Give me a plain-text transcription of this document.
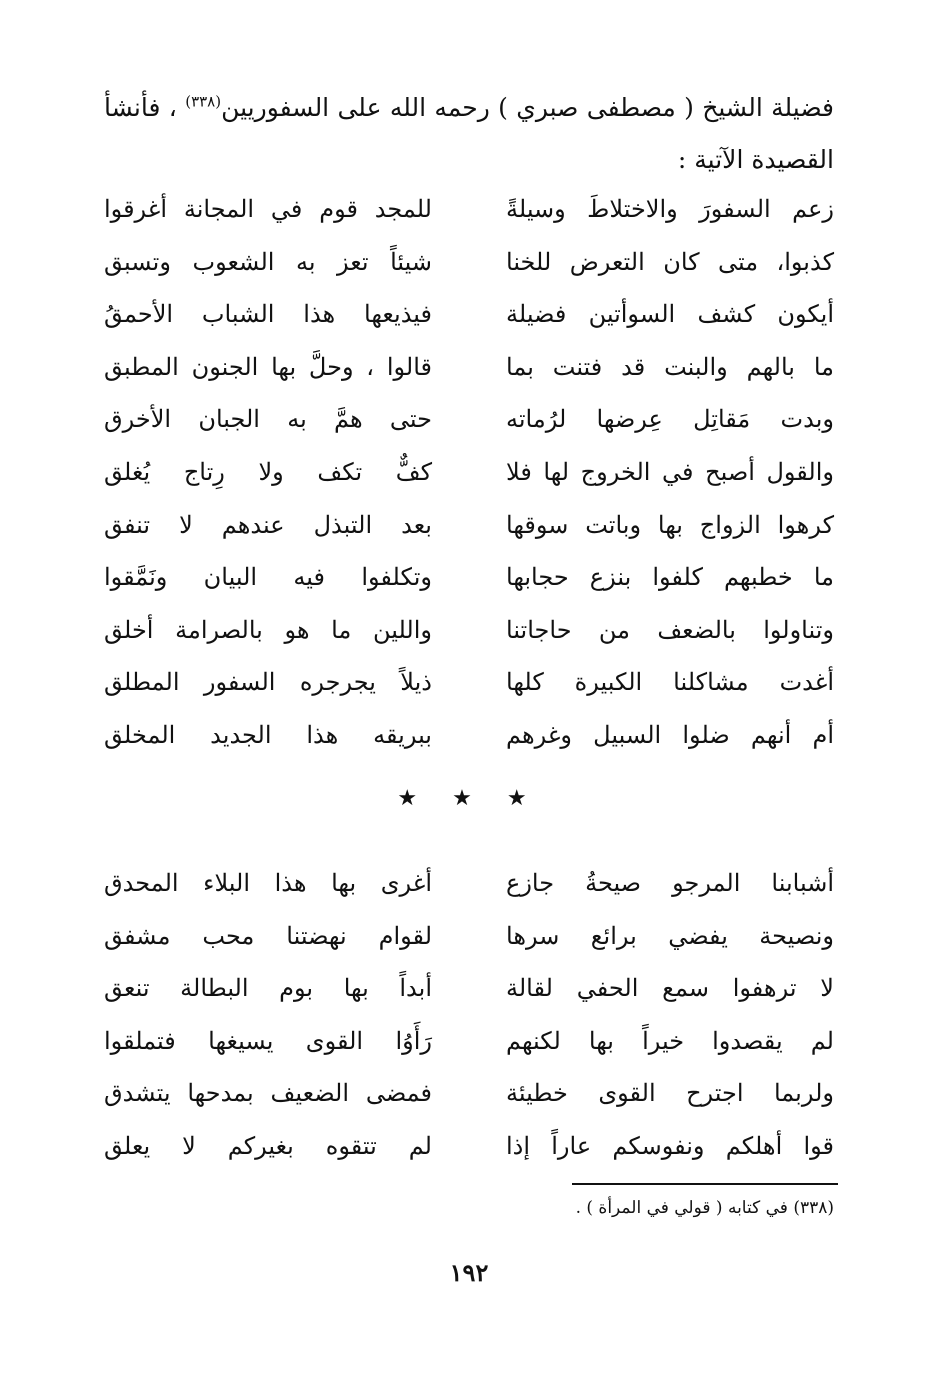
فضيلة الشيخ ( مصطفى صبري ) رحمه الله على السفوريين$^{(٣٣٨)}$ ، فأنشأ القصيدة الآتية :
زعم السفورَ والاختلاطَ وسيلةً
للمجد قوم في المجانة أغرقوا
كذبوا، متى كان التعرض للخنا
شيئاً تعز به الشعوب وتسبق
أيكون كشف السوأتين فضيلة
فيذيعها هذا الشباب الأحمقُ
ما بالهم والبنت قد فتنت بما
قالوا ، وحلَّ بها الجنون المطبق
وبدت مَقاتِل عِرضها لرُماته
حتى همَّ به الجبان الأخرق
والقول أصبح في الخروج لها فلا
كفٌّ تكف ولا رِتاج يُغلق
كرهوا الزواج بها وباتت سوقها
بعد التبذل عندهم لا تنفق
ما خطبهم كلفوا بنزع حجابها
وتكلفوا فيه البيان ونَمَّقوا
وتناولوا بالضعف من حاجاتنا
واللين ما هو بالصرامة أخلق
أغدت مشاكلنا الكبيرة كلها
ذيلاً يجرجره السفور المطلق
أم أنهم ضلوا السبيل وغرهم
ببريقه هذا الجديد المخلق
★ ★ ★
أشبابنا المرجو صيحةُ جازع
أغرى بها هذا البلاء المحدق
ونصيحة يفضي برائع سرها
لقوام نهضتنا محب مشفق
لا ترهفوا سمع الحفي لقالة
أبداً بها بوم البطالة تنعق
لم يقصدوا خيراً بها لكنهم
رَأَوُا القوى يسيغها فتملقوا
ولربما اجترح القوى خطيئة
فمضى الضعيف بمدحها يتشدق
قوا أهلكم ونفوسكم عاراً إذا
لم تتقوه بغيركم لا يعلق
(٣٣٨) في كتابه ( قولي في المرأة ) .
١٩٢
